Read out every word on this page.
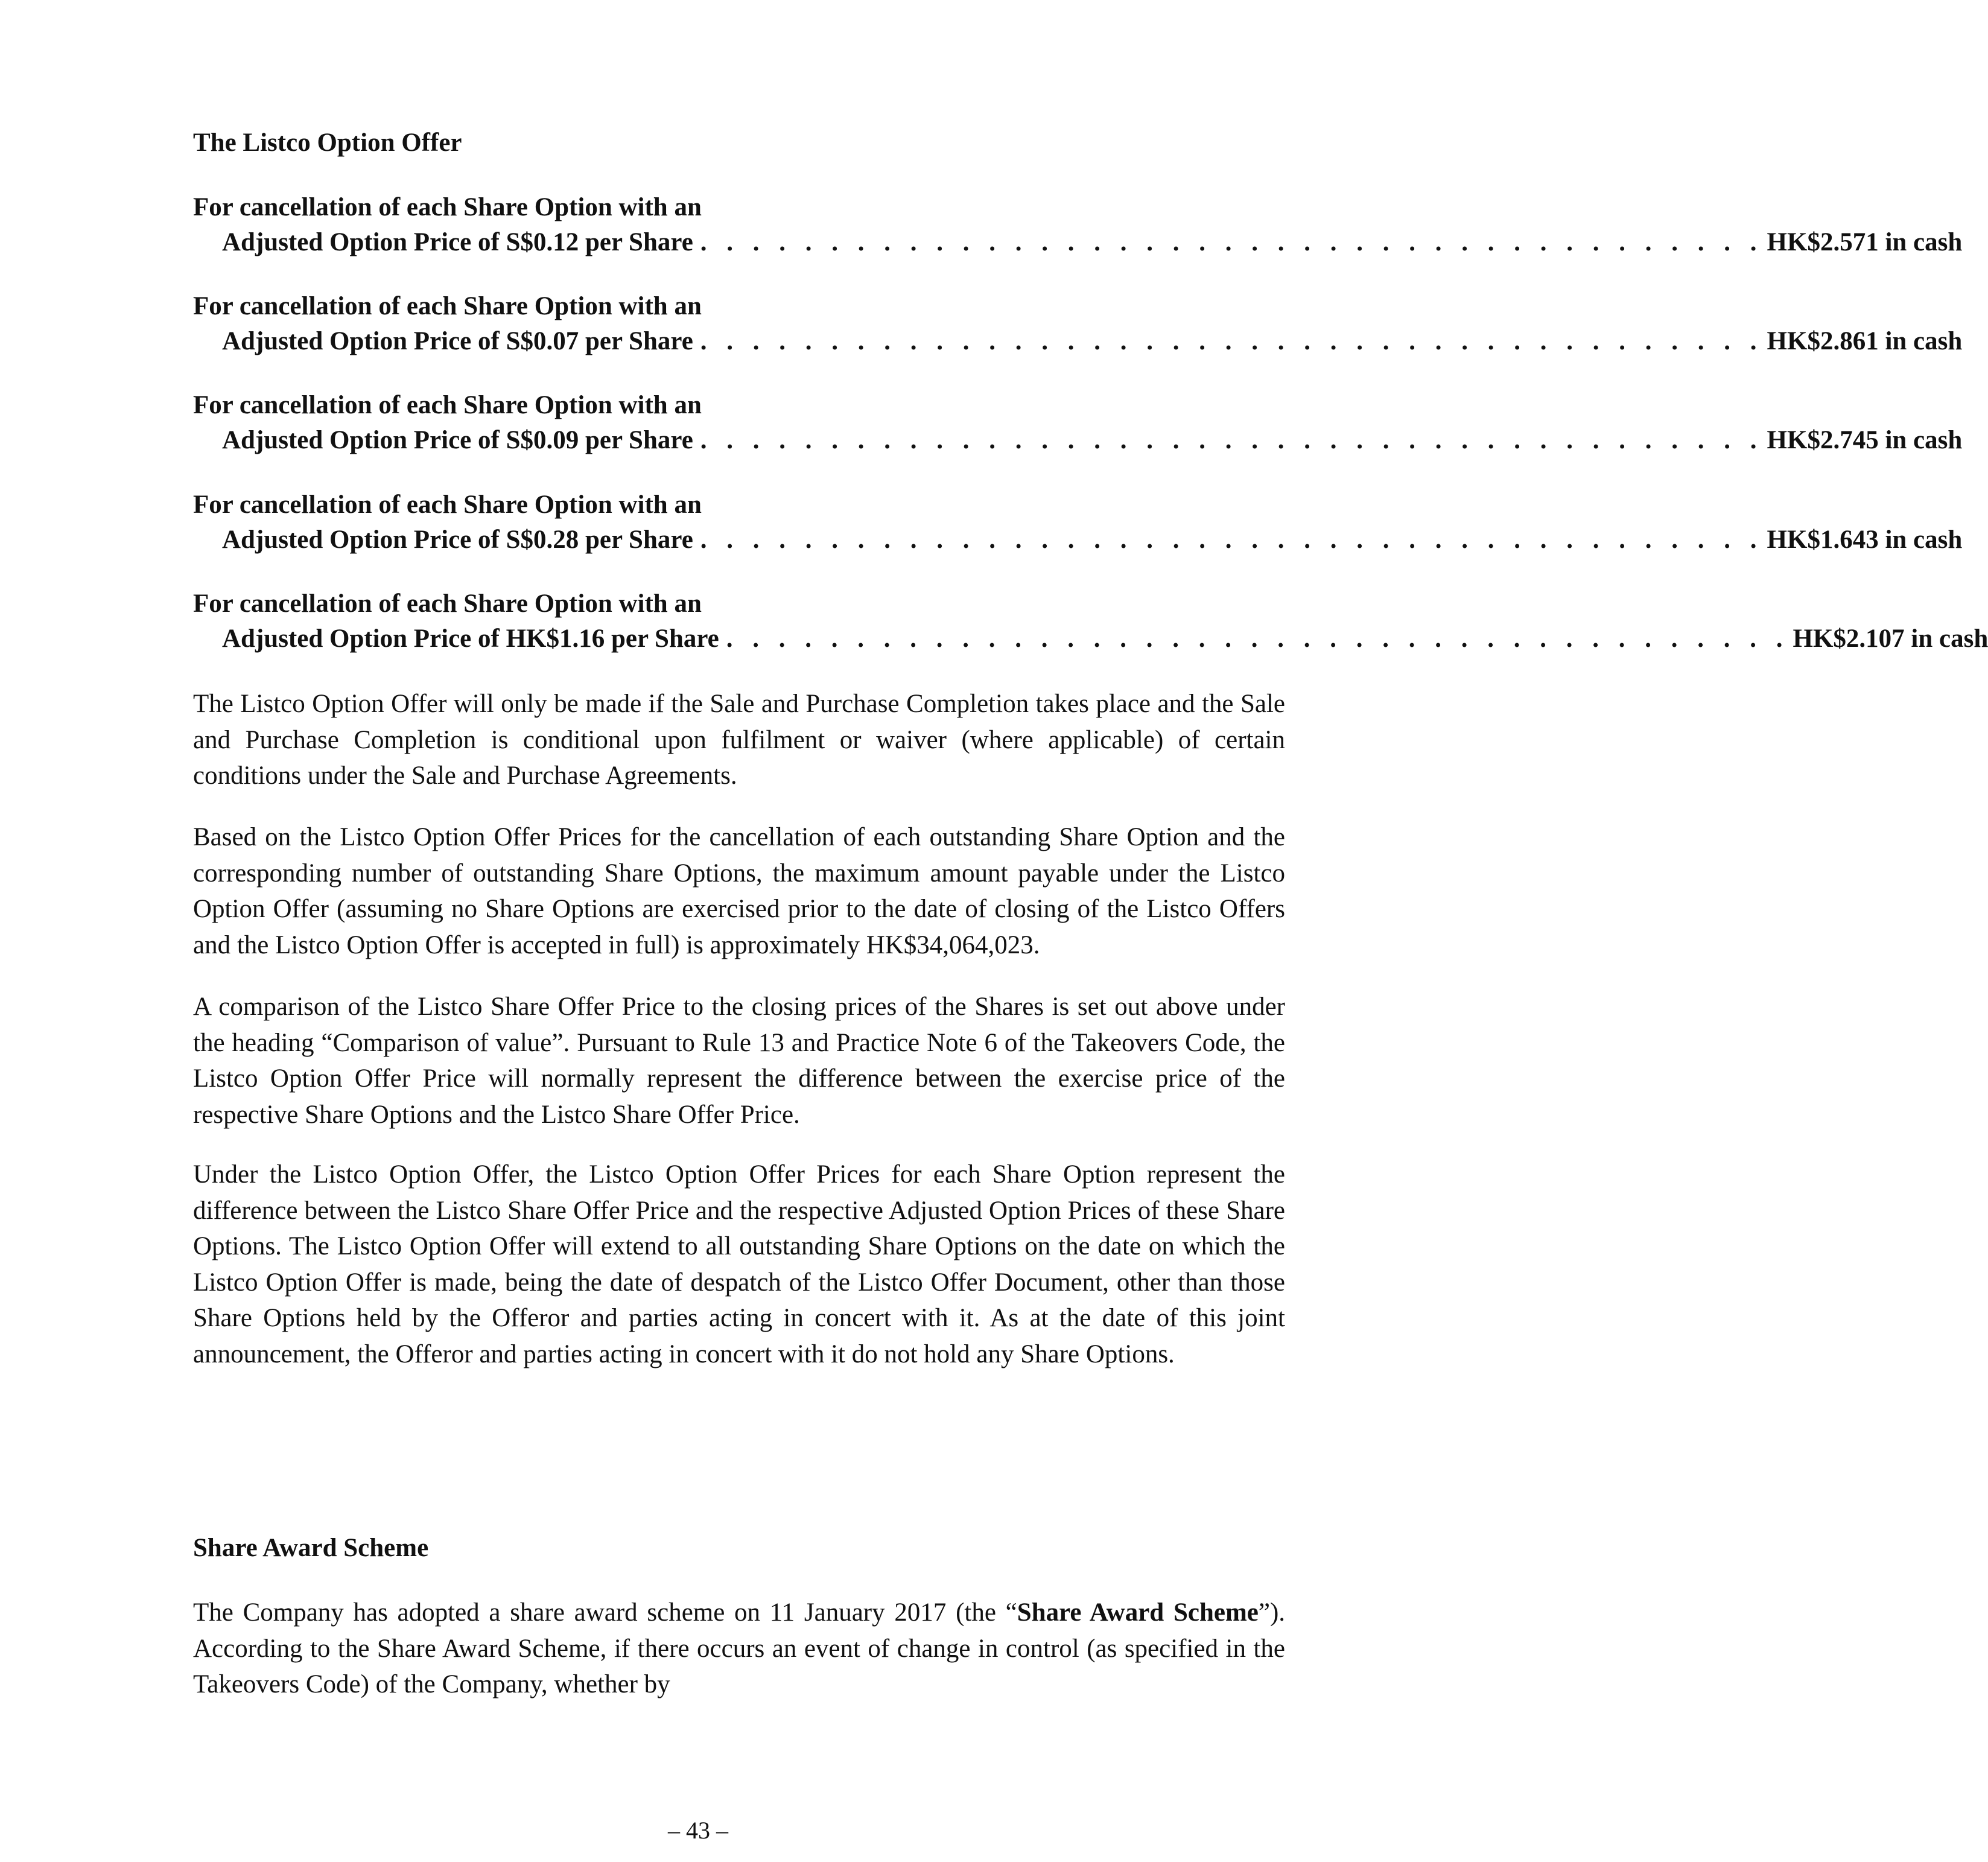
The Listco Option Offer
For cancellation of each Share Option with an
Adjusted Option Price of S$0.12 per Share . . . . . . . . . . . . . . . . . . . . . . . . . . . . . . . . . . . . . . . . . HK$2.571 in cash
For cancellation of each Share Option with an
Adjusted Option Price of S$0.07 per Share . . . . . . . . . . . . . . . . . . . . . . . . . . . . . . . . . . . . . . . . . HK$2.861 in cash
For cancellation of each Share Option with an
Adjusted Option Price of S$0.09 per Share . . . . . . . . . . . . . . . . . . . . . . . . . . . . . . . . . . . . . . . . . HK$2.745 in cash
For cancellation of each Share Option with an
Adjusted Option Price of S$0.28 per Share . . . . . . . . . . . . . . . . . . . . . . . . . . . . . . . . . . . . . . . . . HK$1.643 in cash
For cancellation of each Share Option with an
Adjusted Option Price of HK$1.16 per Share . . . . . . . . . . . . . . . . . . . . . . . . . . . . . . . . . . . . . . . . . HK$2.107 in cash

The Listco Option Offer will only be made if the Sale and Purchase Completion takes place and the Sale and Purchase Completion is conditional upon fulfilment or waiver (where applicable) of certain conditions under the Sale and Purchase Agreements.

Based on the Listco Option Offer Prices for the cancellation of each outstanding Share Option and the corresponding number of outstanding Share Options, the maximum amount payable under the Listco Option Offer (assuming no Share Options are exercised prior to the date of closing of the Listco Offers and the Listco Option Offer is accepted in full) is approximately HK$34,064,023.

A comparison of the Listco Share Offer Price to the closing prices of the Shares is set out above under the heading “Comparison of value”. Pursuant to Rule 13 and Practice Note 6 of the Takeovers Code, the Listco Option Offer Price will normally represent the difference between the exercise price of the respective Share Options and the Listco Share Offer Price.

Under the Listco Option Offer, the Listco Option Offer Prices for each Share Option represent the difference between the Listco Share Offer Price and the respective Adjusted Option Prices of these Share Options. The Listco Option Offer will extend to all outstanding Share Options on the date on which the Listco Option Offer is made, being the date of despatch of the Listco Offer Document, other than those Share Options held by the Offeror and parties acting in concert with it. As at the date of this joint announcement, the Offeror and parties acting in concert with it do not hold any Share Options.

Share Award Scheme

The Company has adopted a share award scheme on 11 January 2017 (the “Share Award Scheme”). According to the Share Award Scheme, if there occurs an event of change in control (as specified in the Takeovers Code) of the Company, whether by

– 43 –
